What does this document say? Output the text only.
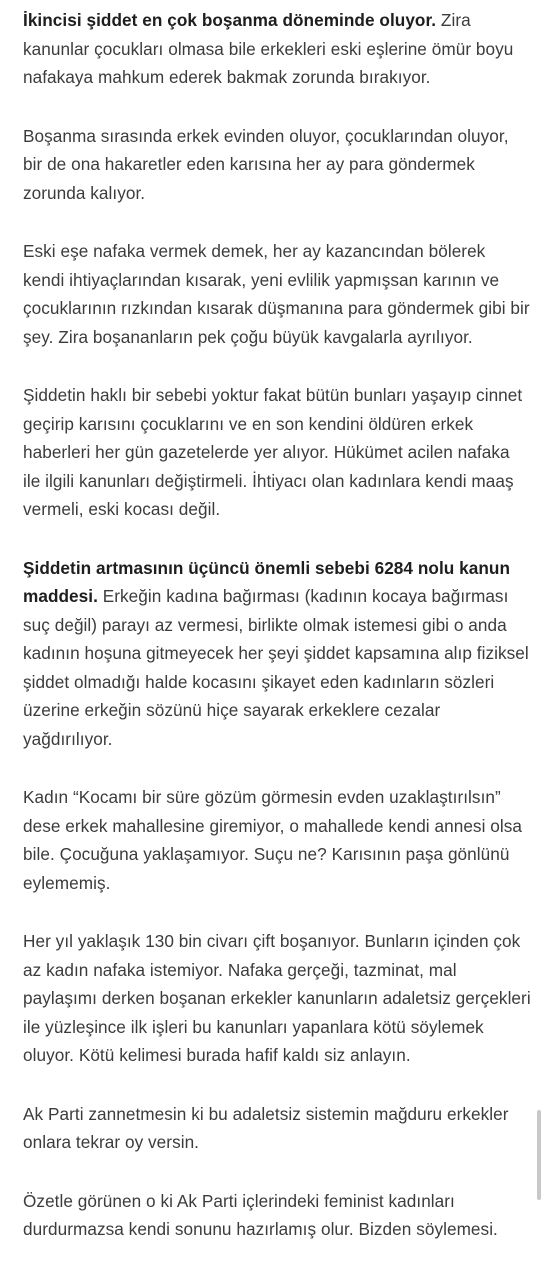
İkincisi şiddet en çok boşanma döneminde oluyor. Zira kanunlar çocukları olmasa bile erkekleri eski eşlerine ömür boyu nafakaya mahkum ederek bakmak zorunda bırakıyor.

Boşanma sırasında erkek evinden oluyor, çocuklarından oluyor, bir de ona hakaretler eden karısına her ay para göndermek zorunda kalıyor.

Eski eşe nafaka vermek demek, her ay kazancından bölerek kendi ihtiyaçlarından kısarak, yeni evlilik yapmışsan karının ve çocuklarının rızkından kısarak düşmanına para göndermek gibi bir şey. Zira boşananların pek çoğu büyük kavgalarla ayrılıyor.

Şiddetin haklı bir sebebi yoktur fakat bütün bunları yaşayıp cinnet geçirip karısını çocuklarını ve en son kendini öldüren erkek haberleri her gün gazetelerde yer alıyor. Hükümet acilen nafaka ile ilgili kanunları değiştirmeli. İhtiyacı olan kadınlara kendi maaş vermeli, eski kocası değil.

Şiddetin artmasının üçüncü önemli sebebi 6284 nolu kanun maddesi. Erkeğin kadına bağırması (kadının kocaya bağırması suç değil) parayı az vermesi, birlikte olmak istemesi gibi o anda kadının hoşuna gitmeyecek her şeyi şiddet kapsamına alıp fiziksel şiddet olmadığı halde kocasını şikayet eden kadınların sözleri üzerine erkeğin sözünü hiçe sayarak erkeklere cezalar yağdırılıyor.

Kadın “Kocamı bir süre gözüm görmesin evden uzaklaştırılsın” dese erkek mahallesine giremiyor, o mahallede kendi annesi olsa bile. Çocuğuna yaklaşamıyor. Suçu ne? Karısının paşa gönlünü eylememiş.

Her yıl yaklaşık 130 bin civarı çift boşanıyor. Bunların içinden çok az kadın nafaka istemiyor. Nafaka gerçeği, tazminat, mal paylaşımı derken boşanan erkekler kanunların adaletsiz gerçekleri ile yüzleşince ilk işleri bu kanunları yapanlara kötü söylemek oluyor. Kötü kelimesi burada hafif kaldı siz anlayın.

Ak Parti zannetmesin ki bu adaletsiz sistemin mağduru erkekler onlara tekrar oy versin.

Özetle görünen o ki Ak Parti içlerindeki feminist kadınları durdurmazsa kendi sonunu hazırlamış olur. Bizden söylemesi.
